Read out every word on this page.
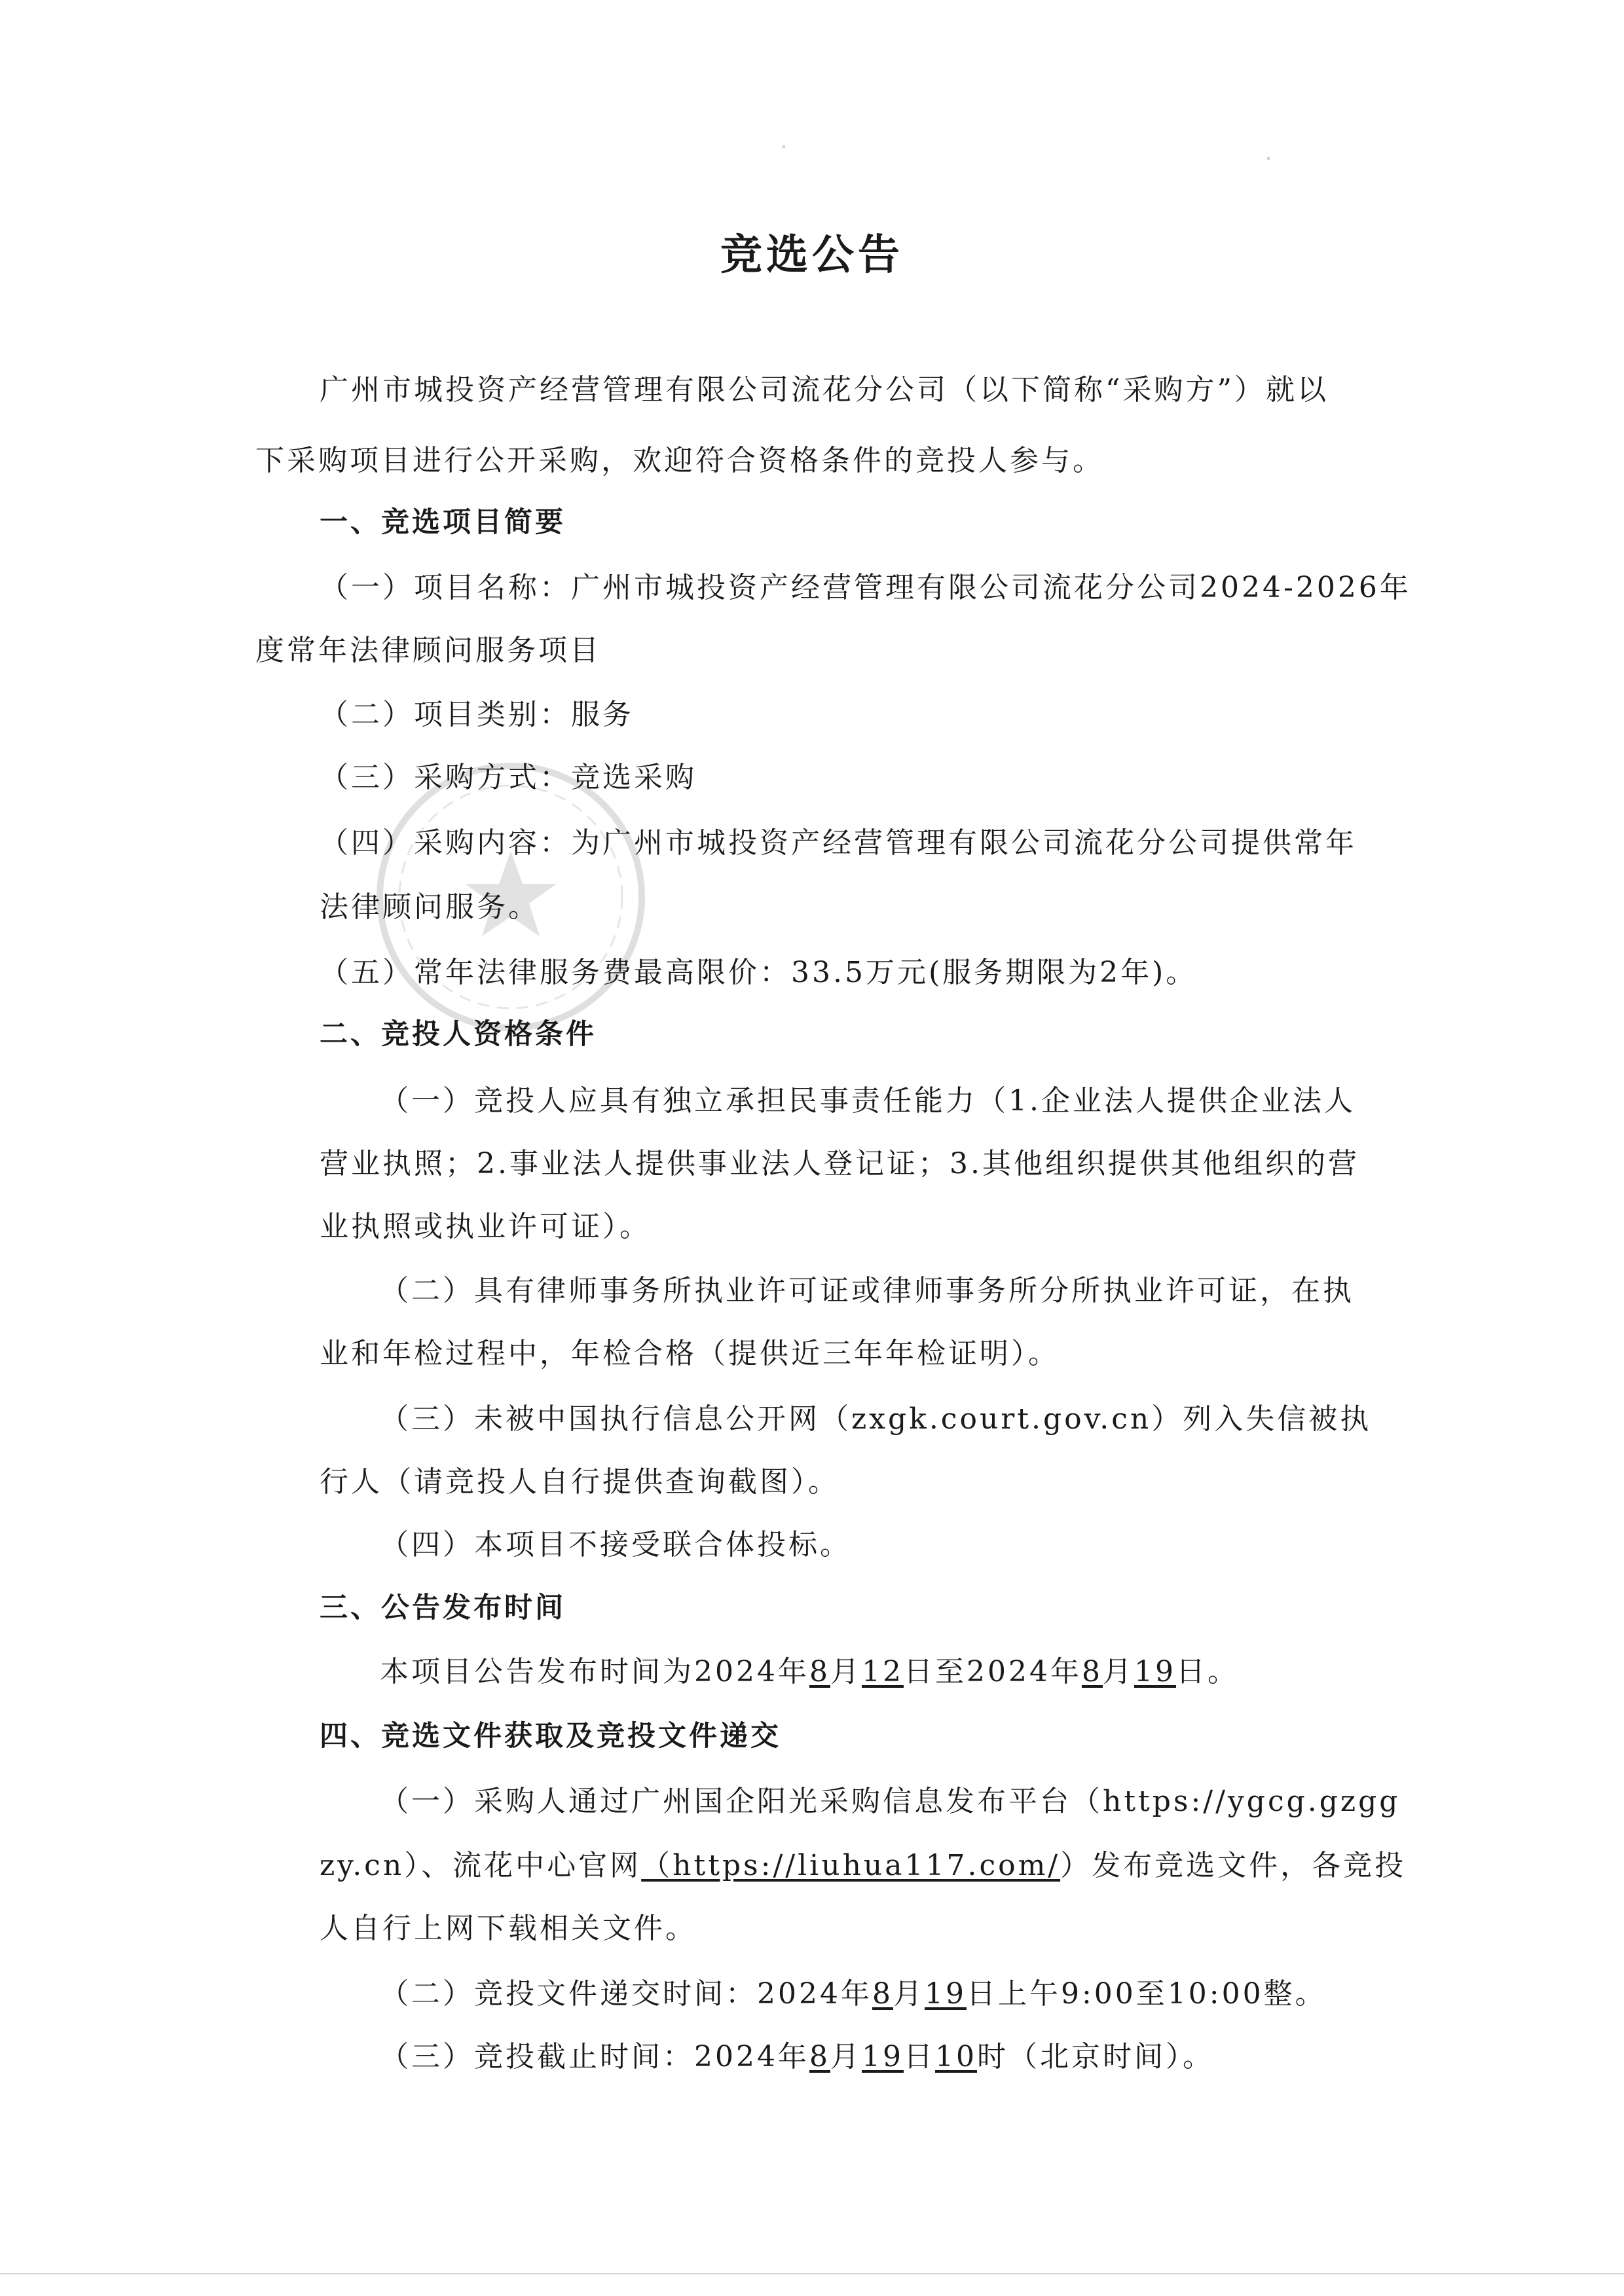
竞选公告
广州市城投资产经营管理有限公司流花分公司（以下简称“采购方”）就以
下采购项目进行公开采购，欢迎符合资格条件的竞投人参与。
一、竞选项目简要
（一）项目名称：广州市城投资产经营管理有限公司流花分公司2024-2026年
度常年法律顾问服务项目
（二）项目类别：服务
（三）采购方式：竞选采购
（四）采购内容：为广州市城投资产经营管理有限公司流花分公司提供常年
法律顾问服务。
（五）常年法律服务费最高限价：33.5万元(服务期限为2年)。
二、竞投人资格条件
（一）竞投人应具有独立承担民事责任能力（1.企业法人提供企业法人
营业执照；2.事业法人提供事业法人登记证；3.其他组织提供其他组织的营
业执照或执业许可证）。
（二）具有律师事务所执业许可证或律师事务所分所执业许可证，在执
业和年检过程中，年检合格（提供近三年年检证明）。
（三）未被中国执行信息公开网（zxgk.court.gov.cn）列入失信被执
行人（请竞投人自行提供查询截图）。
（四）本项目不接受联合体投标。
三、公告发布时间
本项目公告发布时间为2024年8月12日至2024年8月19日。
四、竞选文件获取及竞投文件递交
（一）采购人通过广州国企阳光采购信息发布平台（https://ygcg.gzgg
zy.cn）、流花中心官网（https://liuhua117.com/）发布竞选文件，各竞投
人自行上网下载相关文件。
（二）竞投文件递交时间：2024年8月19日上午9:00至10:00整。
（三）竞投截止时间：2024年8月19日10时（北京时间）。
